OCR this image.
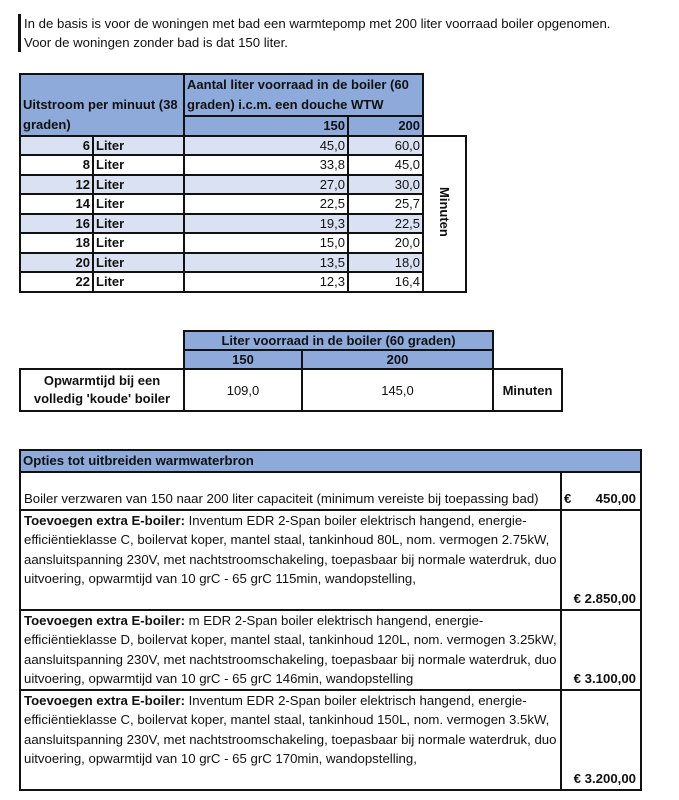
In de basis is voor de woningen met bad een warmtepomp met 200 liter voorraad boiler opgenomen.
Voor de woningen zonder bad is dat 150 liter.
Uitstroom per minuut (38 graden)		Aantal liter voorraad in de boiler (60 graden) i.c.m. een douche WTW		
		150	200	
6	Liter	45,0	60,0	Minuten
8	Liter	33,8	45,0	
12	Liter	27,0	30,0	
14	Liter	22,5	25,7	
16	Liter	19,3	22,5	
18	Liter	15,0	20,0	
20	Liter	13,5	18,0	
22	Liter	12,3	16,4	
	Liter voorraad in de boiler (60 graden)		
	150	200	
Opwarmtijd bij een volledig 'koude' boiler	109,0	145,0	Minuten
Opties tot uitbreiden warmwaterbron	
Boiler verzwaren van 150 naar 200 liter capaciteit (minimum vereiste bij toepassing bad)	€ 450,00

Toevoegen extra E-boiler: Inventum EDR 2-Span boiler elektrisch hangend, energie-efficiëntieklasse C, boilervat koper, mantel staal, tankinhoud 80L, nom. vermogen 2.75kW, aansluitspanning 230V, met nachtstroomschakeling, toepasbaar bij normale waterdruk, duo uitvoering, opwarmtijd van 10 grC - 65 grC 115min, wandopstelling,	€ 2.850,00
Toevoegen extra E-boiler: m EDR 2-Span boiler elektrisch hangend, energie-efficiëntieklasse D, boilervat koper, mantel staal, tankinhoud 120L, nom. vermogen 3.25kW, aansluitspanning 230V, met nachtstroomschakeling, toepasbaar bij normale waterdruk, duo uitvoering, opwarmtijd van 10 grC - 65 grC 146min, wandopstelling	€ 3.100,00
Toevoegen extra E-boiler: Inventum EDR 2-Span boiler elektrisch hangend, energie-efficiëntieklasse C, boilervat koper, mantel staal, tankinhoud 150L, nom. vermogen 3.5kW, aansluitspanning 230V, met nachtstroomschakeling, toepasbaar bij normale waterdruk, duo uitvoering, opwarmtijd van 10 grC - 65 grC 170min, wandopstelling,	€ 3.200,00
